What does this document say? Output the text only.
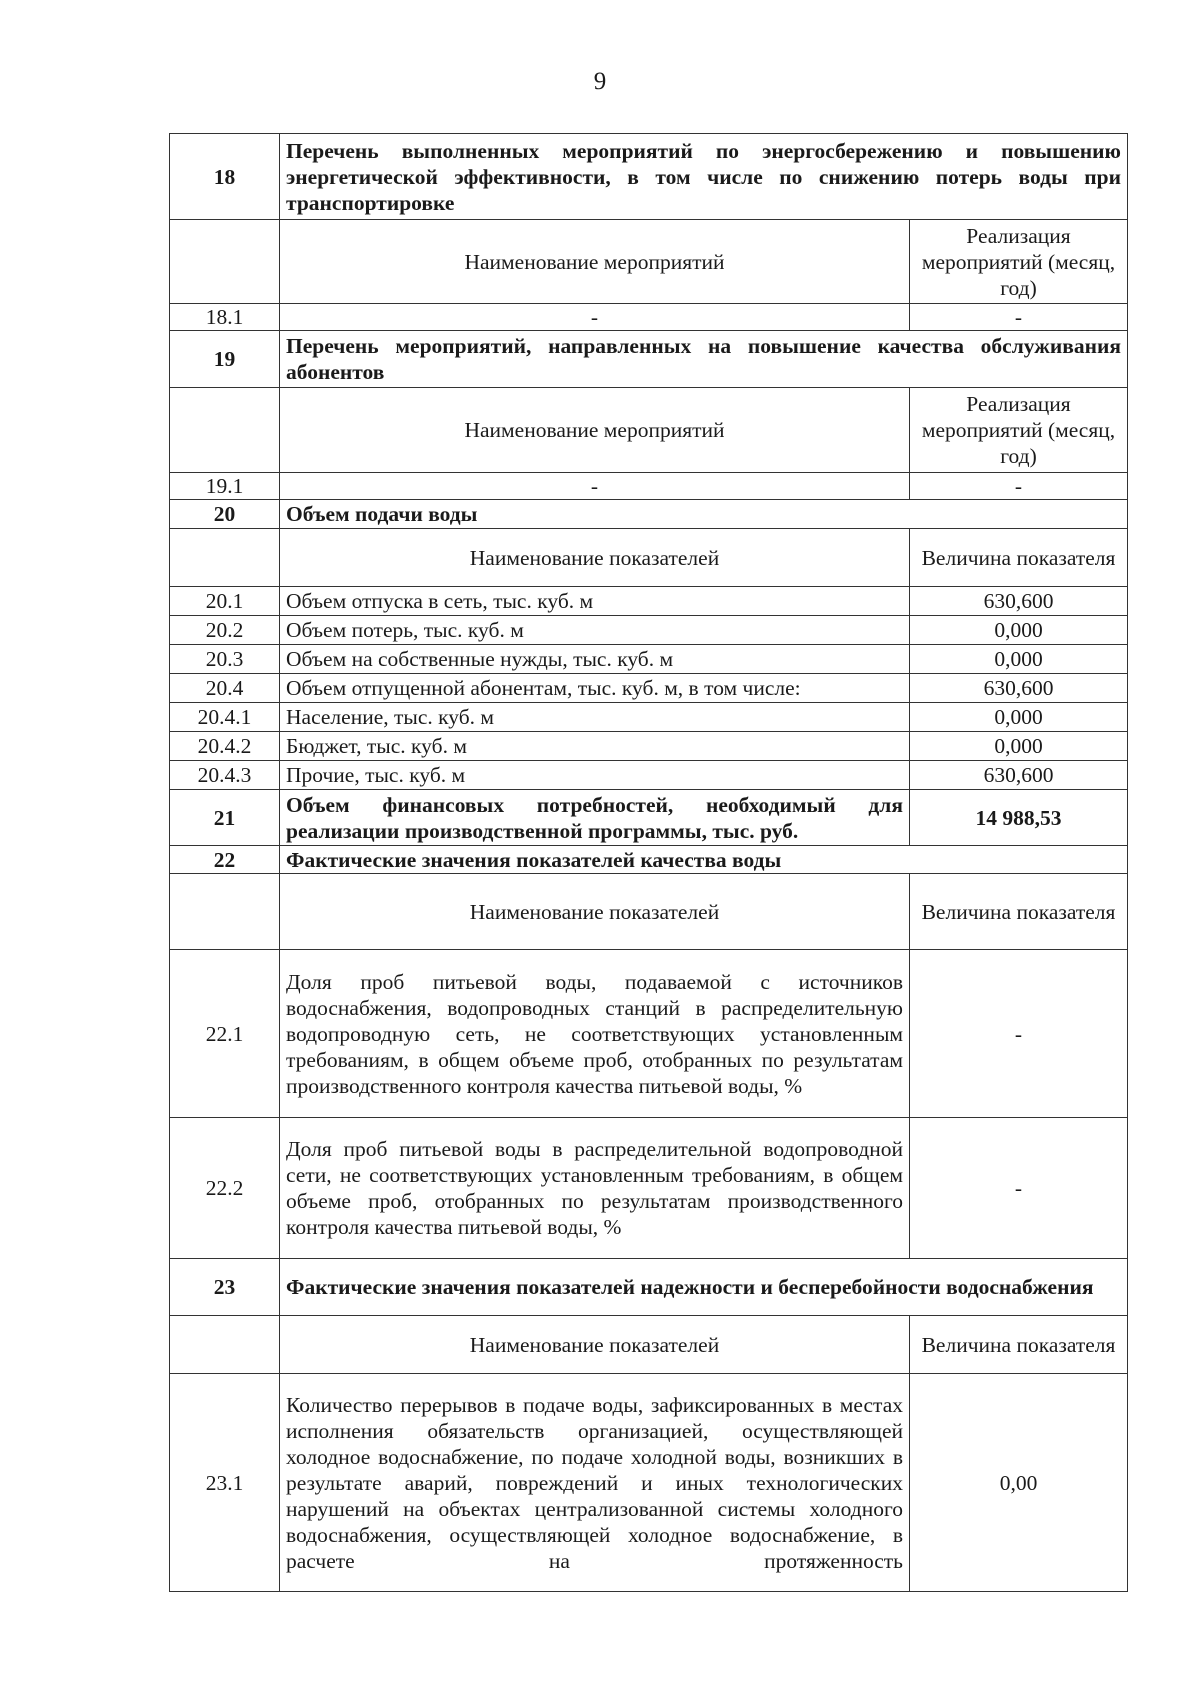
9
18	Перечень выполненных мероприятий по энергосбережению и повышению энергетической эффективности, в том числе по снижению потерь воды при транспортировке	
	Наименование мероприятий	Реализация мероприятий (месяц, год)
18.1	-	-
19	Перечень мероприятий, направленных на повышение качества обслуживания абонентов	
	Наименование мероприятий	Реализация мероприятий (месяц, год)
19.1	-	-
20	Объем подачи воды	
	Наименование показателей	Величина показателя
20.1	Объем отпуска в сеть, тыс. куб. м	630,600
20.2	Объем потерь, тыс. куб. м	0,000
20.3	Объем на собственные нужды, тыс. куб. м	0,000
20.4	Объем отпущенной абонентам, тыс. куб. м, в том числе:	630,600
20.4.1	Население, тыс. куб. м	0,000
20.4.2	Бюджет, тыс. куб. м	0,000
20.4.3	Прочие, тыс. куб. м	630,600
21	Объем финансовых потребностей, необходимый для реализации производственной программы, тыс. руб.	14 988,53
22	Фактические значения показателей качества воды	
	Наименование показателей	Величина показателя
22.1	Доля проб питьевой воды, подаваемой с источников водоснабжения, водопроводных станций в распределительную водопроводную сеть, не соответствующих установленным требованиям, в общем объеме проб, отобранных по результатам производственного контроля качества питьевой воды, %	-
22.2	Доля проб питьевой воды в распределительной водопроводной сети, не соответствующих установленным требованиям, в общем объеме проб, отобранных по результатам производственного контроля качества питьевой воды, %	-
23	Фактические значения показателей надежности и бесперебойности водоснабжения	
	Наименование показателей	Величина показателя
23.1	Количество перерывов в подаче воды, зафиксированных в местах исполнения обязательств организацией, осуществляющей холодное водоснабжение, по подаче холодной воды, возникших в результате аварий, повреждений и иных технологических нарушений на объектах централизованной системы холодного водоснабжения, осуществляющей холодное водоснабжение, в расчете на протяженность	0,00
